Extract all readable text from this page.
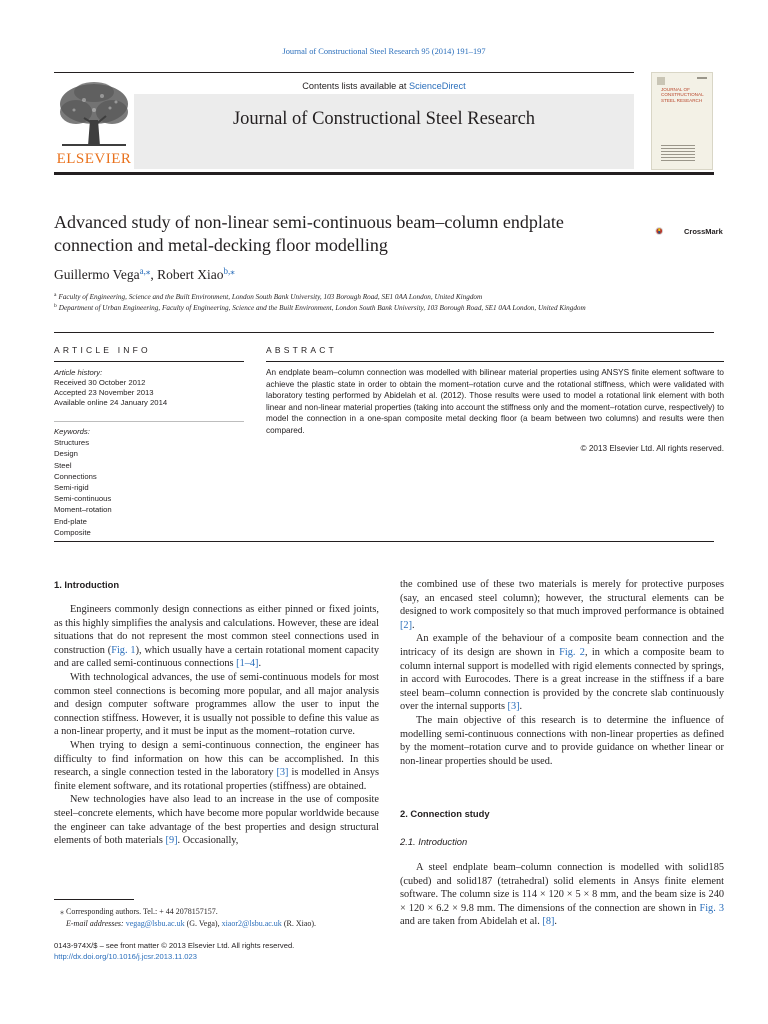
Journal of Constructional Steel Research 95 (2014) 191–197
Contents lists available at ScienceDirect
Journal of Constructional Steel Research
ELSEVIER
JOURNAL OF CONSTRUCTIONAL STEEL RESEARCH
Advanced study of non-linear semi-continuous beam–column endplate connection and metal-decking floor modelling
CrossMark
Guillermo Vega$^{a,⁎}$, Robert Xiao$^{b,⁎}$
$^a$ Faculty of Engineering, Science and the Built Environment, London South Bank University, 103 Borough Road, SE1 0AA London, United Kingdom
$^b$ Department of Urban Engineering, Faculty of Engineering, Science and the Built Environment, London South Bank University, 103 Borough Road, SE1 0AA London, United Kingdom
ARTICLE INFO	ABSTRACT
Article history:
Received 30 October 2012
Accepted 23 November 2013
Available online 24 January 2014
Keywords:
Structures
Design
Steel
Connections
Semi-rigid
Semi-continuous
Moment–rotation
End-plate
Composite
An endplate beam–column connection was modelled with bilinear material properties using ANSYS finite element software to achieve the plastic state in order to obtain the moment–rotation curve and the rotational stiffness, which were validated with laboratory testing performed by Abidelah et al. (2012). Those results were used to model a rotational link element with both linear and non-linear material properties (taking into account the stiffness only and the moment–rotation curve, respectively) to model the connection in a one-span composite metal decking floor (a beam between two columns) and results were then compared.
© 2013 Elsevier Ltd. All rights reserved.
1. Introduction

Engineers commonly design connections as either pinned or fixed joints, as this highly simplifies the analysis and calculations. However, these are ideal situations that do not represent the most common steel connections used in construction (Fig. 1), which usually have a certain rotational moment capacity and are called semi-continuous connections [1–4].

With technological advances, the use of semi-continuous models for most common steel connections is becoming more popular, and all major analysis and design computer software programmes allow the user to input the connection stiffness. However, it is usually not possible to define this value as a non-linear property, and it must be input as the moment–rotation curve.

When trying to design a semi-continuous connection, the engineer has difficulty to find information on how this can be accomplished. In this research, a single connection tested in the laboratory [3] is modelled in Ansys finite element software, and its rotational properties (stiffness) are obtained.

New technologies have also lead to an increase in the use of composite steel–concrete elements, which have become more popular worldwide because the engineer can take advantage of the best properties and design structural elements of both materials [9]. Occasionally,

the combined use of these two materials is merely for protective purposes (say, an encased steel column); however, the structural elements can be designed to work compositely so that much improved performance is obtained [2].

An example of the behaviour of a composite beam connection and the intricacy of its design are shown in Fig. 2, in which a composite beam to column internal support is modelled with rigid elements connected by springs, in accord with Eurocodes. There is a great increase in the stiffness if a bare steel beam–column connection is provided by the concrete slab continuously over the internal supports [3].

The main objective of this research is to determine the influence of modelling semi-continuous connections with non-linear properties as defined by the moment–rotation curve and to provide guidance on whether linear or non-linear properties should be used.

2. Connection study
2.1. Introduction

A steel endplate beam–column connection is modelled with solid185 (cubed) and solid187 (tetrahedral) solid elements in Ansys finite element software. The column size is 114 × 120 × 5 × 8 mm, and the beam size is 240 × 120 × 6.2 × 9.8 mm. The dimensions of the connection are shown in Fig. 3 and are taken from Abidelah et al. [8].

⁎ Corresponding authors. Tel.: + 44 2078157157.
E-mail addresses: vegag@lsbu.ac.uk (G. Vega), xiaor2@lsbu.ac.uk (R. Xiao).
0143-974X/$ – see front matter © 2013 Elsevier Ltd. All rights reserved.
http://dx.doi.org/10.1016/j.jcsr.2013.11.023
